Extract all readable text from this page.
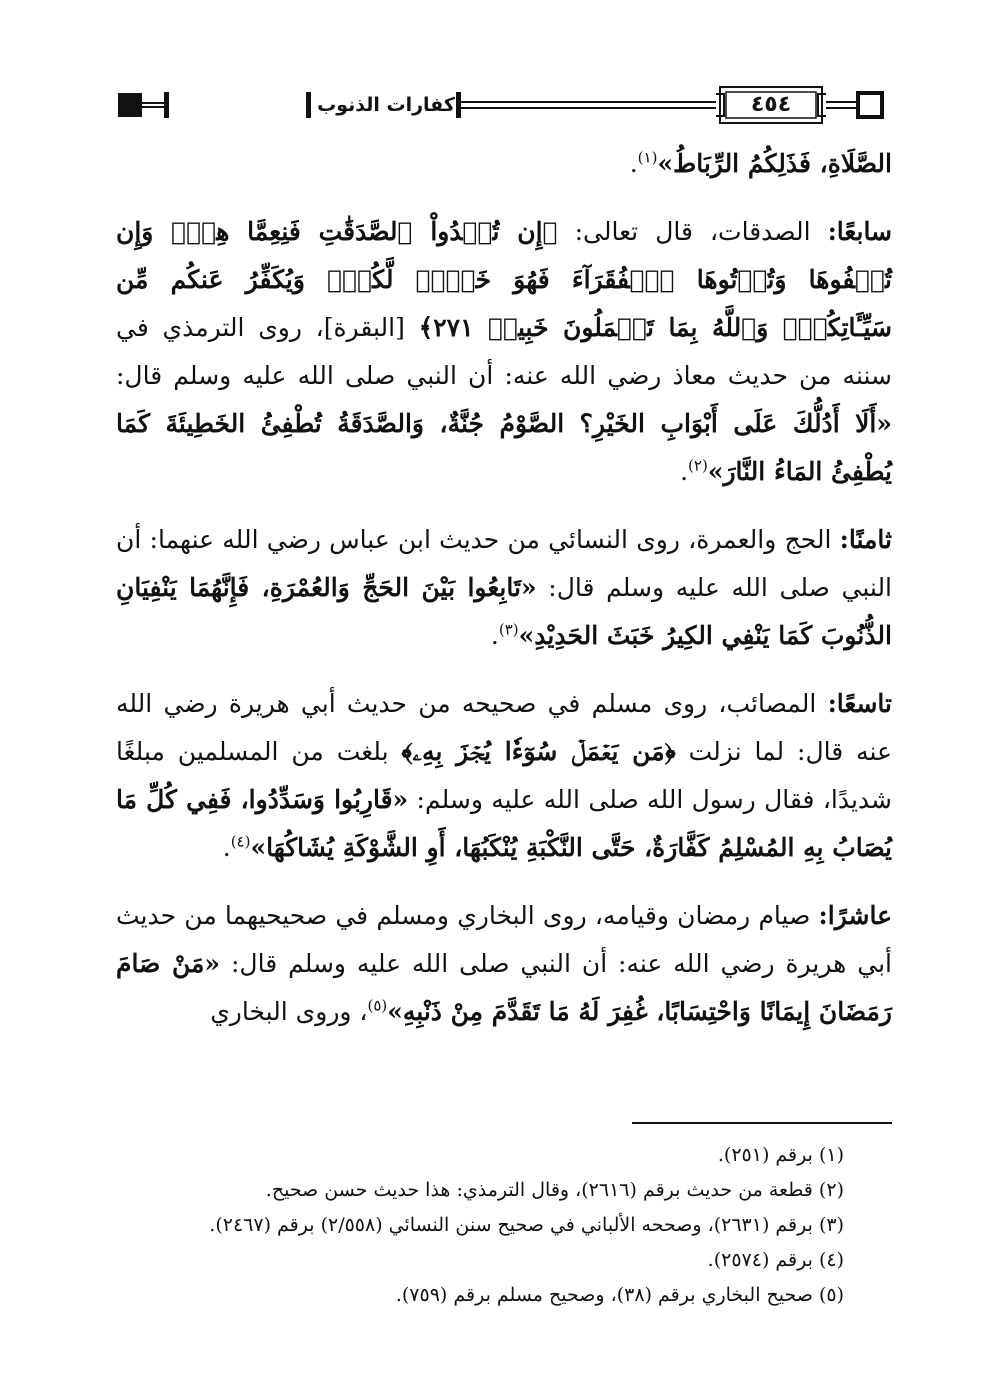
كفارات الذنوب	٤٥٤

الصَّلَاةِ، فَذَلِكُمُ الرِّبَاطُ»$^{(١)}$.

سابعًا: الصدقات، قال تعالى: ﴿إِن تُبۡدُواْ ٱلصَّدَقَٰتِ فَنِعِمَّا هِيَۖ وَإِن تُخۡفُوهَا وَتُؤۡتُوهَا ٱلۡفُقَرَآءَ فَهُوَ خَيۡرٞ لَّكُمۡۚ وَيُكَفِّرُ عَنكُم مِّن سَيِّـَٔاتِكُمۡۗ وَٱللَّهُ بِمَا تَعۡمَلُونَ خَبِيرٞ ٢٧١﴾ [البقرة]، روى الترمذي في سننه من حديث معاذ رضي الله عنه: أن النبي صلى الله عليه وسلم قال: «أَلَا أَدُلُّكَ عَلَى أَبْوَابِ الخَيْرِ؟ الصَّوْمُ جُنَّةٌ، وَالصَّدَقَةُ تُطْفِئُ الخَطِيئَةَ كَمَا يُطْفِئُ المَاءُ النَّارَ»$^{(٢)}$.

ثامنًا: الحج والعمرة، روى النسائي من حديث ابن عباس رضي الله عنهما: أن النبي صلى الله عليه وسلم قال: «تَابِعُوا بَيْنَ الحَجِّ وَالعُمْرَةِ، فَإِنَّهُمَا يَنْفِيَانِ الذُّنُوبَ كَمَا يَنْفِي الكِيرُ خَبَثَ الحَدِيْدِ»$^{(٣)}$.

تاسعًا: المصائب، روى مسلم في صحيحه من حديث أبي هريرة رضي الله عنه قال: لما نزلت ﴿مَن يَعۡمَلۡ سُوٓءٗا يُجۡزَ بِهِۦ﴾ بلغت من المسلمين مبلغًا شديدًا، فقال رسول الله صلى الله عليه وسلم: «قَارِبُوا وَسَدِّدُوا، فَفِي كُلِّ مَا يُصَابُ بِهِ المُسْلِمُ كَفَّارَةٌ، حَتَّى النَّكْبَةِ يُنْكَبُهَا، أَوِ الشَّوْكَةِ يُشَاكُهَا»$^{(٤)}$.

عاشرًا: صيام رمضان وقيامه، روى البخاري ومسلم في صحيحيهما من حديث أبي هريرة رضي الله عنه: أن النبي صلى الله عليه وسلم قال: «مَنْ صَامَ رَمَضَانَ إِيمَانًا وَاحْتِسَابًا، غُفِرَ لَهُ مَا تَقَدَّمَ مِنْ ذَنْبِهِ»$^{(٥)}$، وروى البخاري

(١) برقم (٢٥١).
(٢) قطعة من حديث برقم (٢٦١٦)، وقال الترمذي: هذا حديث حسن صحيح.
(٣) برقم (٢٦٣١)، وصححه الألباني في صحيح سنن النسائي (٢/٥٥٨) برقم (٢٤٦٧).
(٤) برقم (٢٥٧٤).
(٥) صحيح البخاري برقم (٣٨)، وصحيح مسلم برقم (٧٥٩).
